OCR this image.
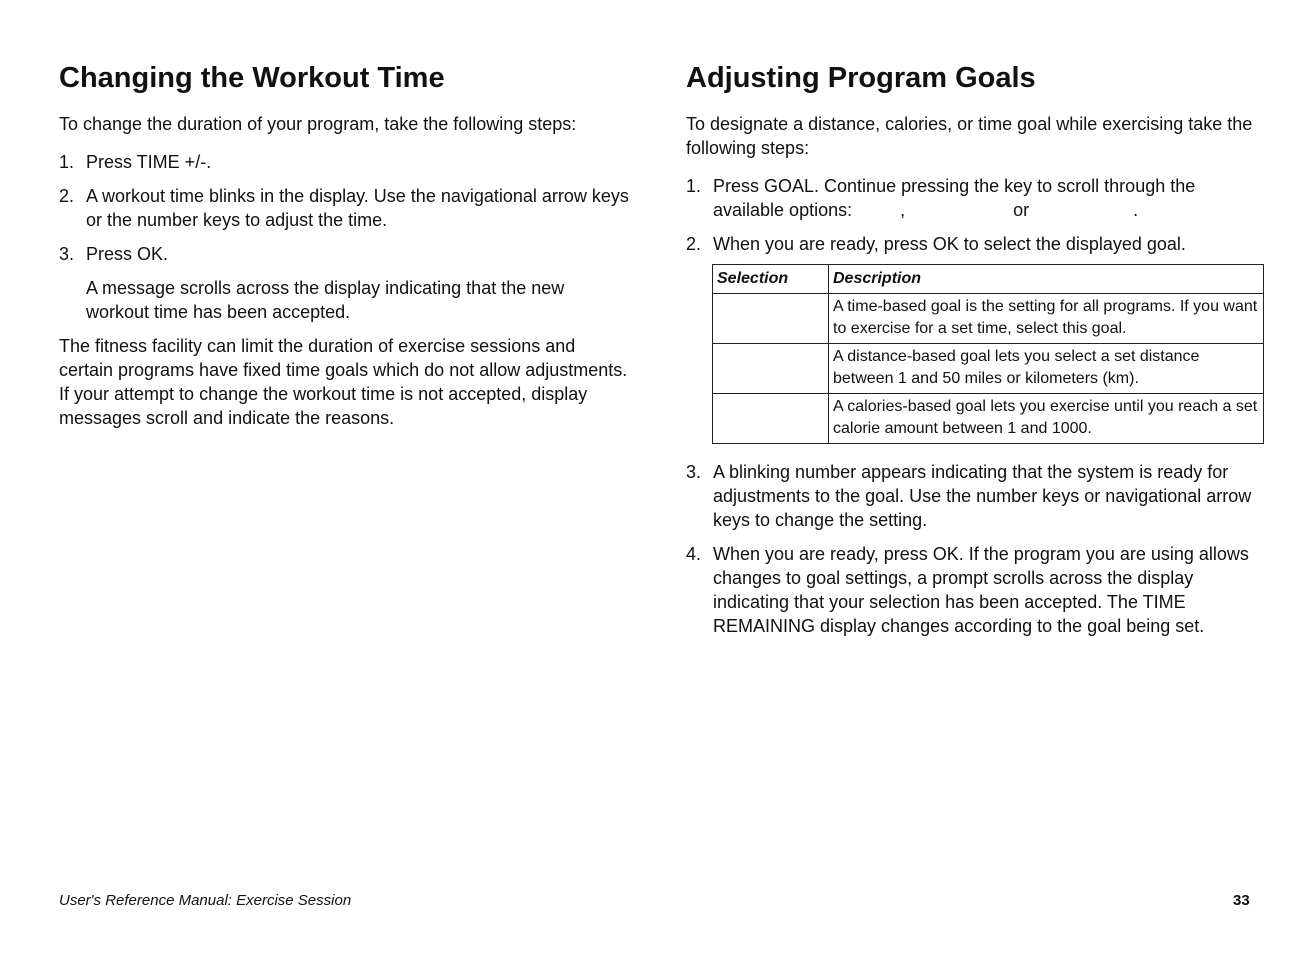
Changing the Workout Time

To change the duration of your program, take the following steps:

1. Press TIME +/-.
2. A workout time blinks in the display. Use the navigational arrow keys or the number keys to adjust the time.
3. Press OK.

A message scrolls across the display indicating that the new workout time has been accepted.

The fitness facility can limit the duration of exercise sessions and certain programs have fixed time goals which do not allow adjustments. If your attempt to change the workout time is not accepted, display messages scroll and indicate the reasons.

Adjusting Program Goals

To designate a distance, calories, or time goal while exercising take the following steps:

1. Press GOAL. Continue pressing the key to scroll through the available options:	,	or	.
2. When you are ready, press OK to select the displayed goal.
Selection	Description
	A time-based goal is the setting for all programs. If you want to exercise for a set time, select this goal.
	A distance-based goal lets you select a set distance between 1 and 50 miles or kilometers (km).
	A calories-based goal lets you exercise until you reach a set calorie amount between 1 and 1000.
3. A blinking number appears indicating that the system is ready for adjustments to the goal. Use the number keys or navigational arrow keys to change the setting.
4. When you are ready, press OK. If the program you are using allows changes to goal settings, a prompt scrolls across the display indicating that your selection has been accepted. The TIME REMAINING display changes according to the goal being set.
User's Reference Manual: Exercise Session	33
